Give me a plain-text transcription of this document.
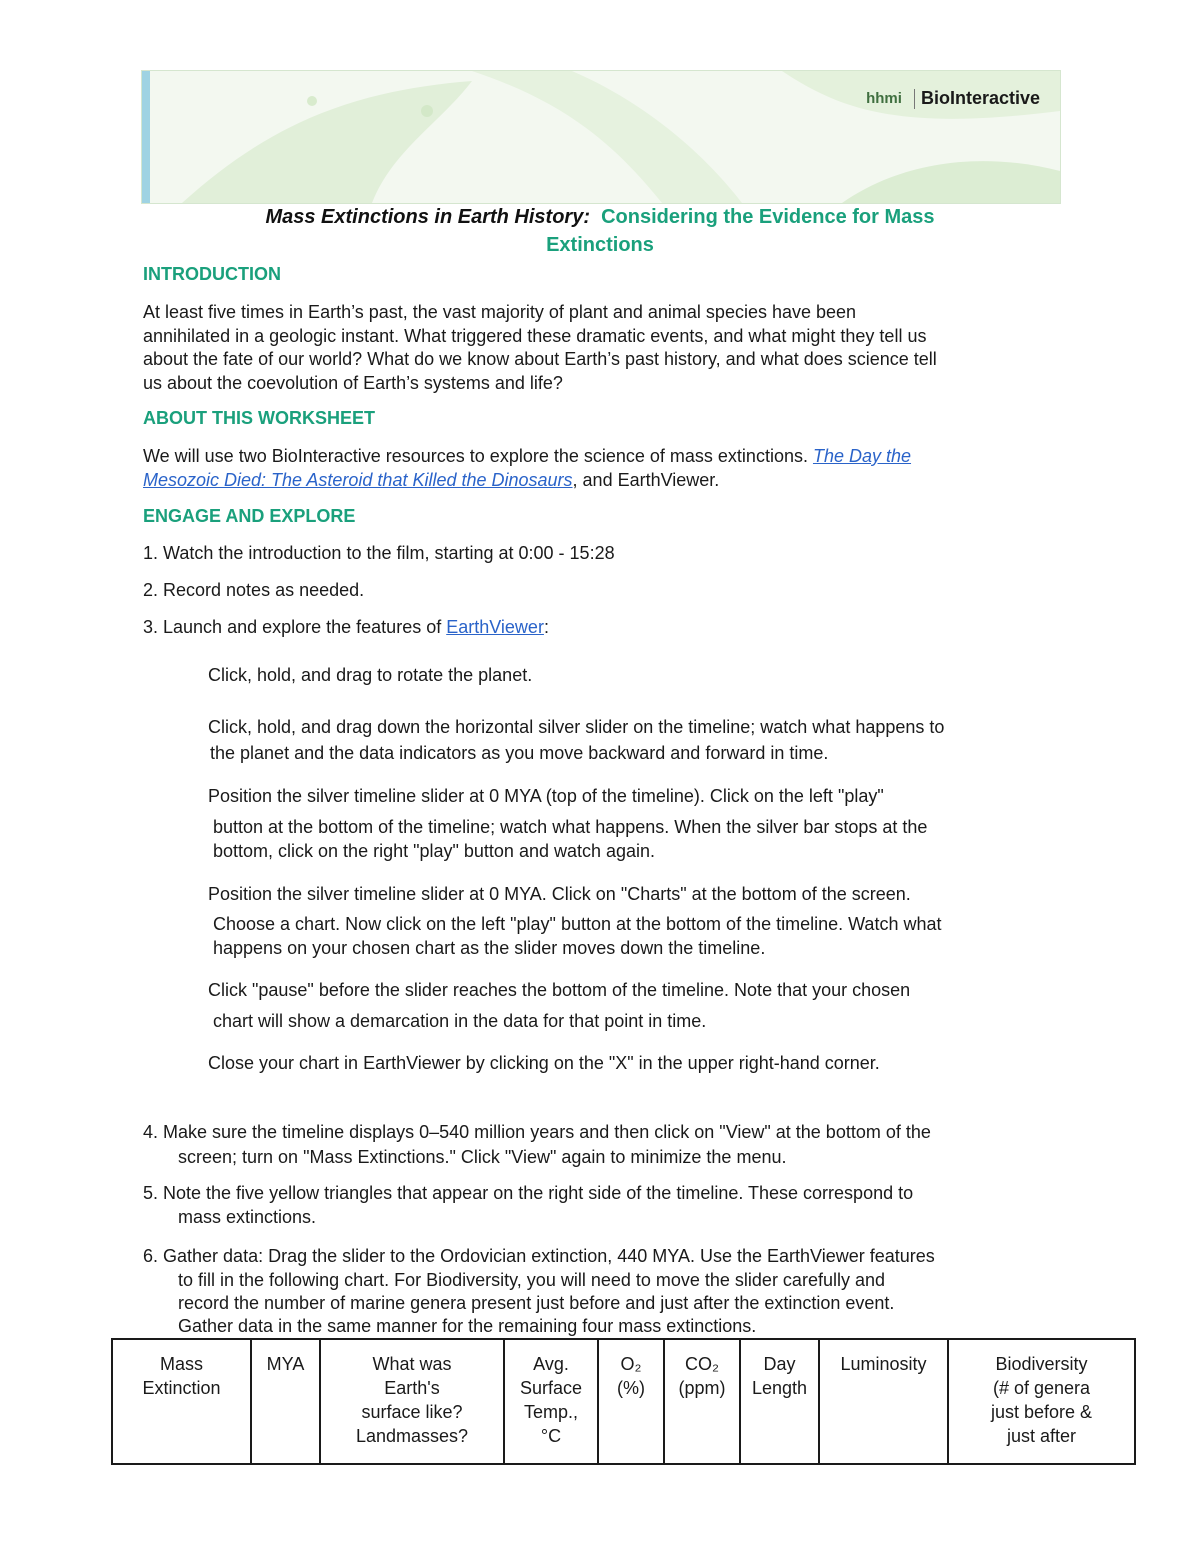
hhmi BioInteractive
Mass Extinctions in Earth History: Considering the Evidence for Mass
Extinctions
INTRODUCTION
At least five times in Earth’s past, the vast majority of plant and animal species have been
annihilated in a geologic instant. What triggered these dramatic events, and what might they tell us
about the fate of our world? What do we know about Earth’s past history, and what does science tell
us about the coevolution of Earth’s systems and life?
ABOUT THIS WORKSHEET
We will use two BioInteractive resources to explore the science of mass extinctions. The Day the
Mesozoic Died: The Asteroid that Killed the Dinosaurs, and EarthViewer.
ENGAGE AND EXPLORE
1. Watch the introduction to the film, starting at 0:00 - 15:28
2. Record notes as needed.
3. Launch and explore the features of EarthViewer:
Click, hold, and drag to rotate the planet.
Click, hold, and drag down the horizontal silver slider on the timeline; watch what happens to
the planet and the data indicators as you move backward and forward in time.
Position the silver timeline slider at 0 MYA (top of the timeline). Click on the left "play"
button at the bottom of the timeline; watch what happens. When the silver bar stops at the
bottom, click on the right "play" button and watch again.
Position the silver timeline slider at 0 MYA. Click on "Charts" at the bottom of the screen.
Choose a chart. Now click on the left "play" button at the bottom of the timeline. Watch what
happens on your chosen chart as the slider moves down the timeline.
Click "pause" before the slider reaches the bottom of the timeline. Note that your chosen
chart will show a demarcation in the data for that point in time.
Close your chart in EarthViewer by clicking on the "X" in the upper right-hand corner.
4. Make sure the timeline displays 0–540 million years and then click on "View" at the bottom of the
screen; turn on "Mass Extinctions." Click "View" again to minimize the menu.
5. Note the five yellow triangles that appear on the right side of the timeline. These correspond to
mass extinctions.
6. Gather data: Drag the slider to the Ordovician extinction, 440 MYA. Use the EarthViewer features
to fill in the following chart. For Biodiversity, you will need to move the slider carefully and
record the number of marine genera present just before and just after the extinction event.
Gather data in the same manner for the remaining four mass extinctions.
Mass
Extinction	MYA	What was
Earth's
surface like?
Landmasses?	Avg.
Surface
Temp.,
°C	O₂
(%)	CO₂
(ppm)	Day
Length	Luminosity	Biodiversity
(# of genera
just before &
just after
